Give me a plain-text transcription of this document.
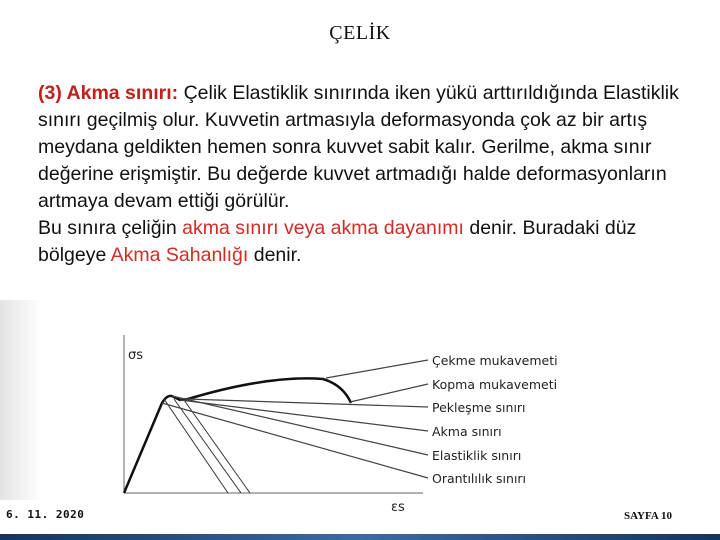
ÇELİK

(3) Akma sınırı: Çelik Elastiklik sınırında iken yükü arttırıldığında Elastiklik sınırı geçilmiş olur. Kuvvetin artmasıyla deformasyonda çok az bir artış meydana geldikten hemen sonra kuvvet sabit kalır. Gerilme, akma sınır değerine erişmiştir. Bu değerde kuvvet artmadığı halde deformasyonların artmaya devam ettiği görülür.

Bu sınıra çeliğin akma sınırı veya akma dayanımı denir. Buradaki düz bölgeye Akma Sahanlığı denir.

σs
εs
Çekme mukavemeti
Kopma mukavemeti
Pekleşme sınırı
Akma sınırı
Elastiklik sınırı
Orantılılık sınırı
6. 11. 2020	SAYFA 10
